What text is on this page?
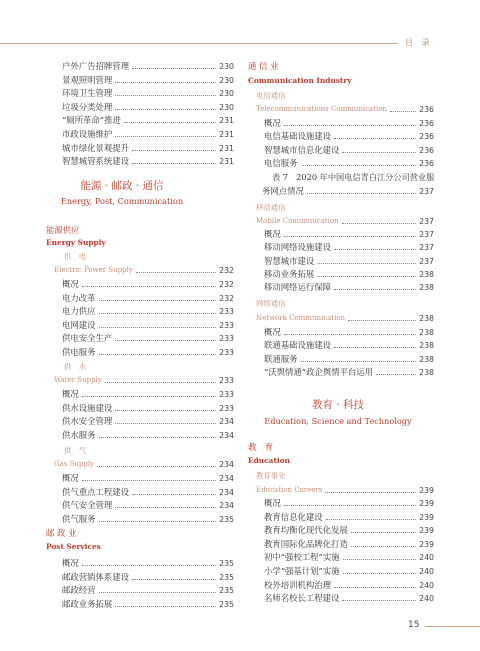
目 录
户外广告招牌管理	230
景观照明管理	230
环境卫生管理	230
垃圾分类处理	230
“厕所革命”推进	231
市政设施维护	231
城市绿化景观提升	231
智慧城管系统建设	231
能源 · 邮政 · 通信
Energy, Post, Communication
能源供应
Energy Supply
供　电
Electric Power Supply	232
概况	232
电力改革	232
电力供应	233
电网建设	233
供电安全生产	233
供电服务	233
供　水
Water Supply	233
概况	233
供水设施建设	233
供水安全管理	234
供水服务	234
供　气
Gas Supply	234
概况	234
供气重点工程建设	234
供气安全管理	234
供气服务	235
邮 政 业
Post Services
概况	235
邮政营销体系建设	235
邮政经营	235
邮政业务拓展	235
通 信 业
Communication Industry
电信通信
Telecommunications Communication	236
概况	236
电信基础设施建设	236
智慧城市信息化建设	236
电信服务	236
表 7　2020 年中国电信青白江分公司营业服
务网点情况	237
移动通信
Mobile Communication	237
概况	237
移动网络设施建设	237
智慧城市建设	237
移动业务拓展	238
移动网络运行保障	238
网络通信
Network Communication	238
概况	238
联通基础设施建设	238
联通服务	238
“沃舆情通”政企舆情平台运用	238
教育 · 科技
Education, Science and Technology
教　育
Education
教育事业
Education Careers	239
概况	239
教育信息化建设	239
教育均衡化现代化发展	239
教育国际化品牌化打造	239
初中“强校工程”实施	240
小学“强基计划”实施	240
校外培训机构治理	240
名师名校长工程建设	240
15
